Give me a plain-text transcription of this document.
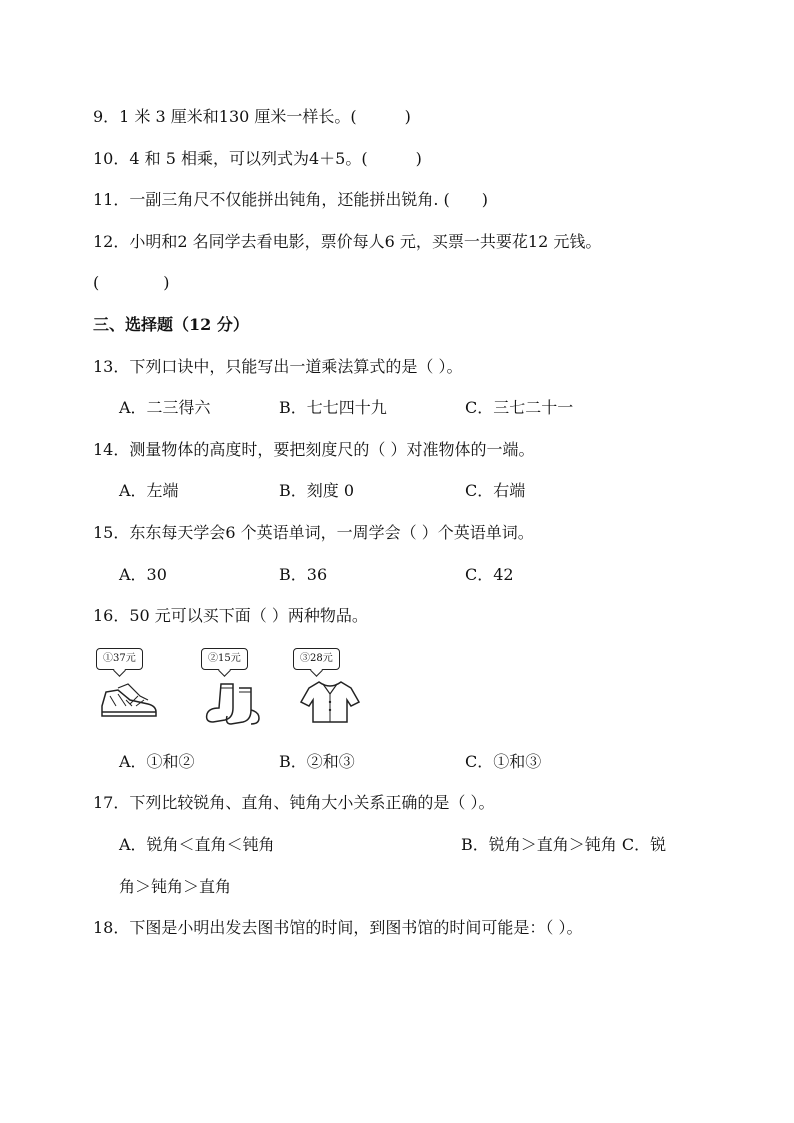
9．1 米 3 厘米和130 厘米一样长。(　　　)
10．4 和 5 相乘，可以列式为4＋5。(　　　)
11．一副三角尺不仅能拼出钝角，还能拼出锐角. (　　)
12．小明和2 名同学去看电影，票价每人6 元，买票一共要花12 元钱。
(　　　　)
三、选择题（12 分）
13．下列口诀中，只能写出一道乘法算式的是（ ）。
A．二三得六	B．七七四十九	C．三七二十一
14．测量物体的高度时，要把刻度尺的（ ）对准物体的一端。
A．左端	B．刻度 0	C．右端
15．东东每天学会6 个英语单词，一周学会（ ）个英语单词。
A．30	B．36	C．42
16．50 元可以买下面（ ）两种物品。
①37元	②15元	③28元
A．①和②	B．②和③	C．①和③
17．下列比较锐角、直角、钝角大小关系正确的是（ ）。
A．锐角＜直角＜钝角	B．锐角＞直角＞钝角 C．锐
角＞钝角＞直角
18．下图是小明出发去图书馆的时间，到图书馆的时间可能是：（ ）。
